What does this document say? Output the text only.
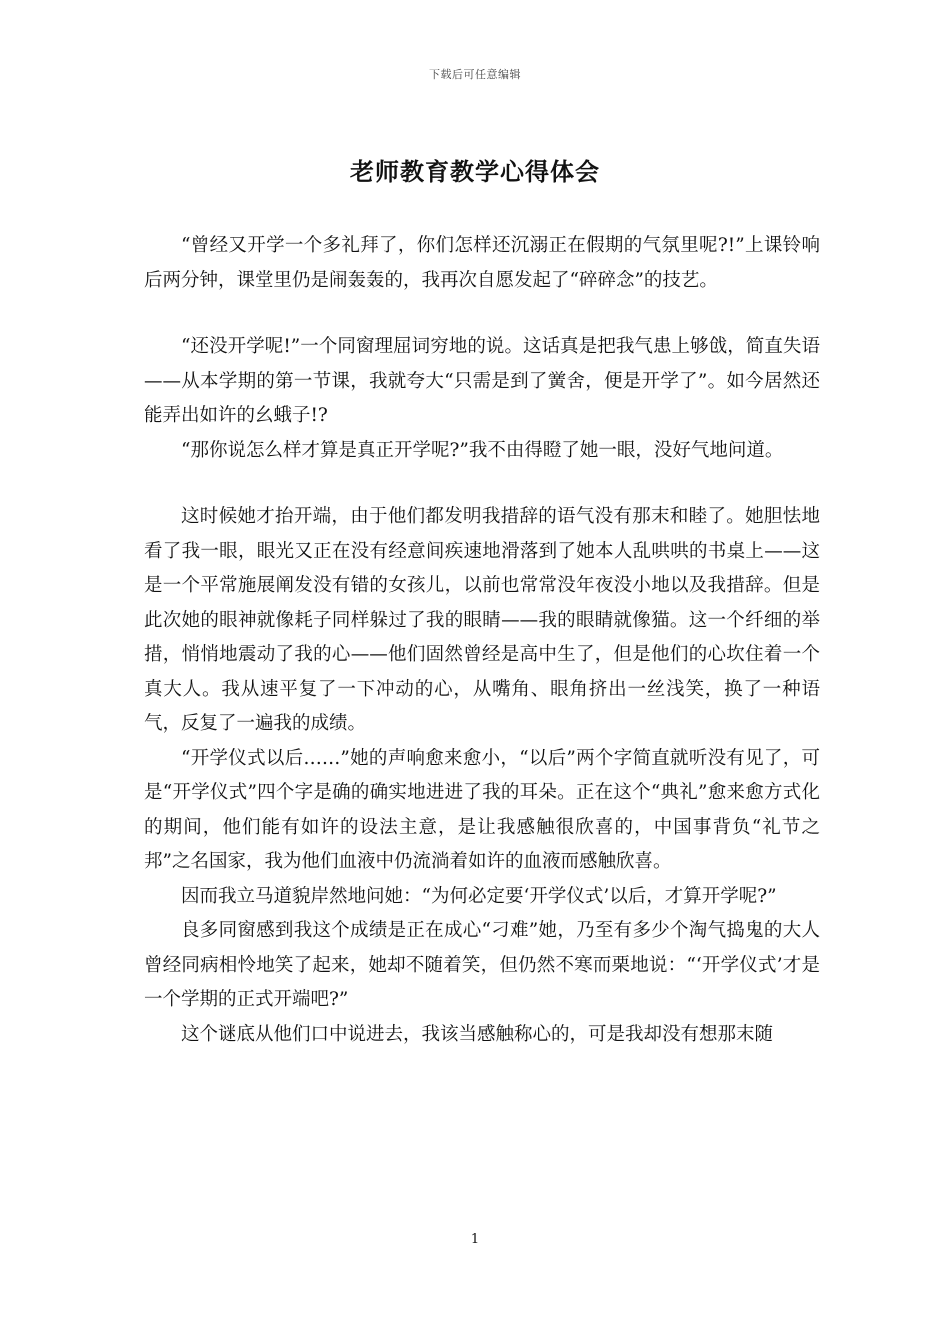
下载后可任意编辑
老师教育教学心得体会

“曾经又开学一个多礼拜了，你们怎样还沉溺正在假期的气氛里呢?!”上课铃响后两分钟，课堂里仍是闹轰轰的，我再次自愿发起了“碎碎念”的技艺。

“还没开学呢!”一个同窗理屈词穷地的说。这话真是把我气患上够戗，简直失语——从本学期的第一节课，我就夸大“只需是到了黉舍，便是开学了”。如今居然还能弄出如许的幺蛾子!?

“那你说怎么样才算是真正开学呢?”我不由得瞪了她一眼，没好气地问道。

这时候她才抬开端，由于他们都发明我措辞的语气没有那末和睦了。她胆怯地看了我一眼，眼光又正在没有经意间疾速地滑落到了她本人乱哄哄的书桌上——这是一个平常施展阐发没有错的女孩儿，以前也常常没年夜没小地以及我措辞。但是此次她的眼神就像耗子同样躲过了我的眼睛——我的眼睛就像猫。这一个纤细的举措，悄悄地震动了我的心——他们固然曾经是高中生了，但是他们的心坎住着一个真大人。我从速平复了一下冲动的心，从嘴角、眼角挤出一丝浅笑，换了一种语气，反复了一遍我的成绩。

“开学仪式以后……”她的声响愈来愈小，“以后”两个字简直就听没有见了，可是“开学仪式”四个字是确的确实地进进了我的耳朵。正在这个“典礼”愈来愈方式化的期间，他们能有如许的设法主意，是让我感触很欣喜的，中国事背负“礼节之邦”之名国家，我为他们血液中仍流淌着如许的血液而感触欣喜。

因而我立马道貌岸然地问她：“为何必定要‘开学仪式’以后，才算开学呢?”

良多同窗感到我这个成绩是正在成心“刁难”她，乃至有多少个淘气捣鬼的大人曾经同病相怜地笑了起来，她却不随着笑，但仍然不寒而栗地说：“‘开学仪式’才是一个学期的正式开端吧?”

这个谜底从他们口中说进去，我该当感触称心的，可是我却没有想那末随

1
